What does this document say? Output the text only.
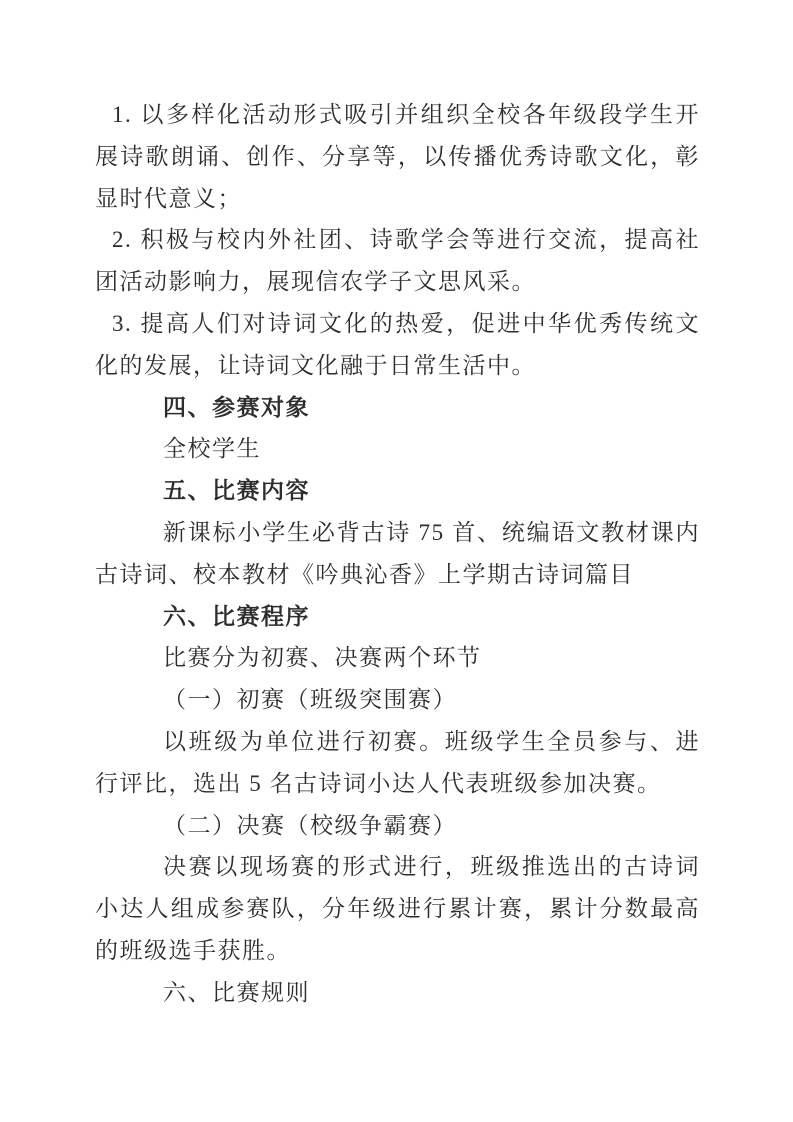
1. 以多样化活动形式吸引并组织全校各年级段学生开展诗歌朗诵、创作、分享等，以传播优秀诗歌文化，彰显时代意义；

2. 积极与校内外社团、诗歌学会等进行交流，提高社团活动影响力，展现信农学子文思风采。

3. 提高人们对诗词文化的热爱，促进中华优秀传统文化的发展，让诗词文化融于日常生活中。

四、参赛对象

全校学生

五、比赛内容

新课标小学生必背古诗 75 首、统编语文教材课内古诗词、校本教材《吟典沁香》上学期古诗词篇目

六、比赛程序

比赛分为初赛、决赛两个环节

（一）初赛（班级突围赛）

以班级为单位进行初赛。班级学生全员参与、进行评比，选出 5 名古诗词小达人代表班级参加决赛。

（二）决赛（校级争霸赛）

决赛以现场赛的形式进行，班级推选出的古诗词小达人组成参赛队，分年级进行累计赛，累计分数最高的班级选手获胜。

六、比赛规则
